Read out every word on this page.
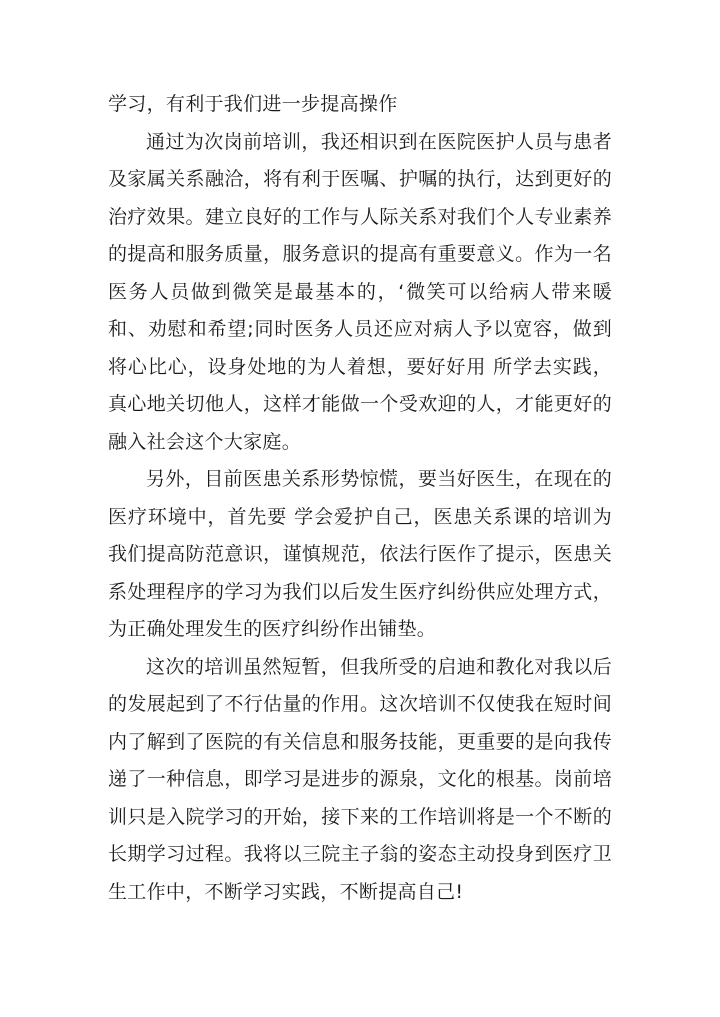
学习，有利于我们进一步提高操作

通过为次岗前培训，我还相识到在医院医护人员与患者及家属关系融洽，将有利于医嘱、护嘱的执行，达到更好的治疗效果。建立良好的工作与人际关系对我们个人专业素养的提高和服务质量，服务意识的提高有重要意义。作为一名医务人员做到微笑是最基本的，‘微笑可以给病人带来暖和、劝慰和希望;同时医务人员还应对病人予以宽容，做到将心比心，设身处地的为人着想，要好好用 所学去实践，真心地关切他人，这样才能做一个受欢迎的人，才能更好的融入社会这个大家庭。

另外，目前医患关系形势惊慌，要当好医生，在现在的医疗环境中，首先要 学会爱护自己，医患关系课的培训为我们提高防范意识，谨慎规范，依法行医作了提示，医患关系处理程序的学习为我们以后发生医疗纠纷供应处理方式，为正确处理发生的医疗纠纷作出铺垫。

这次的培训虽然短暂，但我所受的启迪和教化对我以后的发展起到了不行估量的作用。这次培训不仅使我在短时间内了解到了医院的有关信息和服务技能，更重要的是向我传递了一种信息，即学习是进步的源泉，文化的根基。岗前培训只是入院学习的开始，接下来的工作培训将是一个不断的长期学习过程。我将以三院主子翁的姿态主动投身到医疗卫生工作中，不断学习实践，不断提高自己!
